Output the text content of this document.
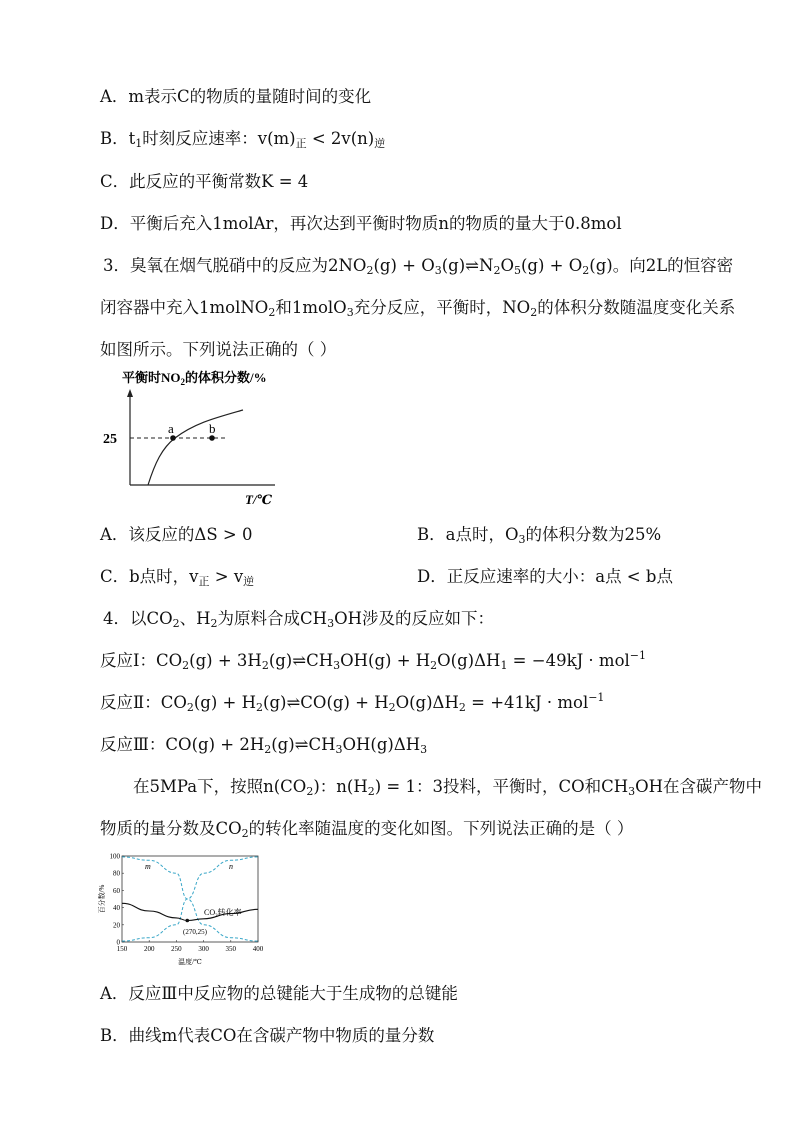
A．m表示C的物质的量随时间的变化
B．$t_1$时刻反应速率：$v(m)_正 < 2v(n)_逆$
C．此反应的平衡常数K = 4
D．平衡后充入1molAr，再次达到平衡时物质n的物质的量大于0.8mol
3．臭氧在烟气脱硝中的反应为$2NO_2(g)$ + $O_3(g)\rightleftharpoons N_2O_5(g) + O_2(g)$。向2L的恒容密
闭容器中充入1molNO$_2$和1molO$_3$充分反应，平衡时，$NO_2$的体积分数随温度变化关系
如图所示。下列说法正确的（ ）
平衡时$NO_2$的体积分数/%
a	b
25
T/℃
A．该反应的ΔS > 0	B．a点时，$O_3$的体积分数为25%
C．b点时，$v_正 > v_逆$	D．正反应速率的大小：a点 < b点
4．以$CO_2$、$H_2$为原料合成$CH_3OH$涉及的反应如下：
反应Ⅰ：$CO_2(g)$ + $3H_2(g)\rightleftharpoons CH_3OH(g) + H_2O(g)\Delta H_1 = -49kJ \cdot mol^{-1}$
反应Ⅱ：$CO_2(g)$ + $H_2(g)\rightleftharpoons CO(g) + H_2O(g)\Delta H_2 = +41kJ \cdot mol^{-1}$
反应Ⅲ：$CO(g) + 2H_2(g)\rightleftharpoons CH_3OH(g)\Delta H_3$
在5MPa下，按照$n(CO_2)$：$n(H_2) = 1$：3投料，平衡时，CO和$CH_3OH$在含碳产物中
物质的量分数及$CO_2$的转化率随温度的变化如图。下列说法正确的是（ ）
0
20
40
60
80
100
150 200 250 300 350 400
m	n
$CO_2$转化率
(270,25)
百分数/%
温度/℃
A．反应Ⅲ中反应物的总键能大于生成物的总键能
B．曲线m代表CO在含碳产物中物质的量分数
